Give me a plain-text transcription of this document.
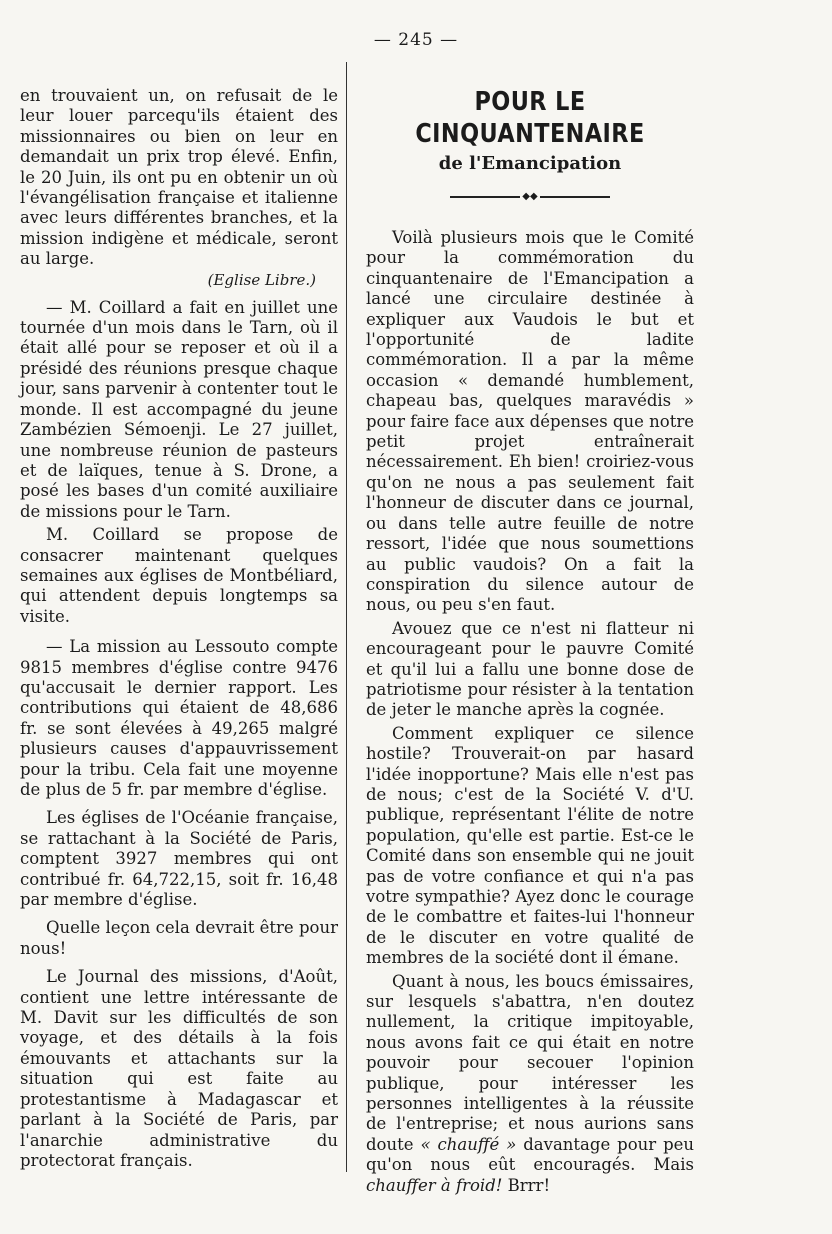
— 245 —

en trouvaient un, on refusait de le leur louer parcequ'ils étaient des missionnaires ou bien on leur en demandait un prix trop élevé. Enfin, le 20 Juin, ils ont pu en obtenir un où l'évangélisation française et italienne avec leurs différentes branches, et la mission indigène et médicale, seront au large.

(Eglise Libre.)

— M. Coillard a fait en juillet une tournée d'un mois dans le Tarn, où il était allé pour se reposer et où il a présidé des réunions presque chaque jour, sans parvenir à contenter tout le monde. Il est accompagné du jeune Zambézien Sémoenji. Le 27 juillet, une nombreuse réunion de pasteurs et de laïques, tenue à S. Drone, a posé les bases d'un comité auxiliaire de missions pour le Tarn.

M. Coillard se propose de consacrer maintenant quelques semaines aux églises de Montbéliard, qui attendent depuis longtemps sa visite.

— La mission au Lessouto compte 9815 membres d'église contre 9476 qu'accusait le dernier rapport. Les contributions qui étaient de 48,686 fr. se sont élevées à 49,265 malgré plusieurs causes d'appauvrissement pour la tribu. Cela fait une moyenne de plus de 5 fr. par membre d'église.

Les églises de l'Océanie française, se rattachant à la Société de Paris, comptent 3927 membres qui ont contribué fr. 64,722,15, soit fr. 16,48 par membre d'église.

Quelle leçon cela devrait être pour nous!

Le Journal des missions, d'Août, contient une lettre intéressante de M. Davit sur les difficultés de son voyage, et des détails à la fois émouvants et attachants sur la situation qui est faite au protestantisme à Madagascar et parlant à la Société de Paris, par l'anarchie administrative du protectorat français.

POUR LE CINQUANTENAIRE
de l'Emancipation
◆◆

Voilà plusieurs mois que le Comité pour la commémoration du cinquantenaire de l'Emancipation a lancé une circulaire destinée à expliquer aux Vaudois le but et l'opportunité de ladite commémoration. Il a par la même occasion « demandé humblement, chapeau bas, quelques maravédis » pour faire face aux dépenses que notre petit projet entraînerait nécessairement. Eh bien! croiriez-vous qu'on ne nous a pas seulement fait l'honneur de discuter dans ce journal, ou dans telle autre feuille de notre ressort, l'idée que nous soumettions au public vaudois? On a fait la conspiration du silence autour de nous, ou peu s'en faut.

Avouez que ce n'est ni flatteur ni encourageant pour le pauvre Comité et qu'il lui a fallu une bonne dose de patriotisme pour résister à la tentation de jeter le manche après la cognée.

Comment expliquer ce silence hostile? Trouverait-on par hasard l'idée inopportune? Mais elle n'est pas de nous; c'est de la Société V. d'U. publique, représentant l'élite de notre population, qu'elle est partie. Est-ce le Comité dans son ensemble qui ne jouit pas de votre confiance et qui n'a pas votre sympathie? Ayez donc le courage de le combattre et faites-lui l'honneur de le discuter en votre qualité de membres de la société dont il émane.

Quant à nous, les boucs émissaires, sur lesquels s'abattra, n'en doutez nullement, la critique impitoyable, nous avons fait ce qui était en notre pouvoir pour secouer l'opinion publique, pour intéresser les personnes intelligentes à la réussite de l'entreprise; et nous aurions sans doute « chauffé » davantage pour peu qu'on nous eût encouragés. Mais chauffer à froid! Brrr!
